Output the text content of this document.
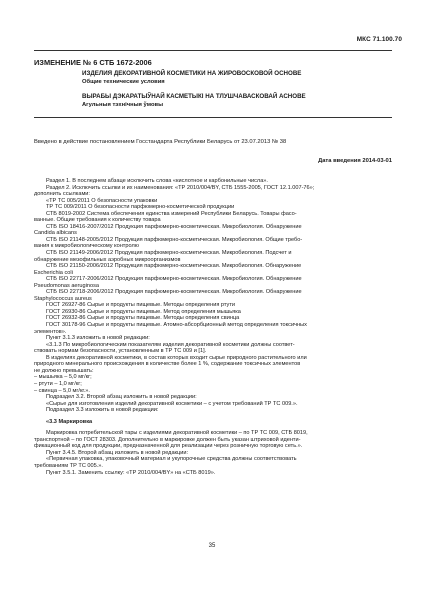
МКС 71.100.70
ИЗМЕНЕНИЕ № 6 СТБ 1672-2006
ИЗДЕЛИЯ ДЕКОРАТИВНОЙ КОСМЕТИКИ НА ЖИРОВОСКОВОЙ ОСНОВЕ
Общие технические условия
ВЫРАБЫ ДЭКАРАТЫЎНАЙ КАСМЕТЫКІ НА ТЛУШЧАВАСКОВАЙ АСНОВЕ
Агульныя тэхнічныя ўмовы
Введено в действие постановлением Госстандарта Республики Беларусь от 23.07.2013 № 38
Дата введения 2014-03-01

Раздел 1. В последнем абзаце исключить слова «кислотное и карбонильные числа».

Раздел 2. Исключить ссылки и их наименования: «ТР 2010/004/BY, СТБ 1555-2005, ГОСТ 12.1.007-76»;

дополнить ссылками:

«ТР ТС 005/2011 О безопасности упаковки

ТР ТС 009/2011 О безопасности парфюмерно-косметической продукции

СТБ 8019-2002 Система обеспечения единства измерений Республики Беларусь. Товары фасо-

ванные. Общие требования к количеству товара

СТБ ISO 18416-2007/2012 Продукция парфюмерно-косметическая. Микробиология. Обнаружение

Candida albicans

СТБ ISO 21148-2005/2012 Продукция парфюмерно-косметическая. Микробиология. Общие требо-

вания к микробиологическому контролю

СТБ ISO 21149-2006/2012 Продукция парфюмерно-косметическая. Микробиология. Подсчет и

обнаружение мезофильных аэробных микроорганизмов

СТБ ISO 21150-2006/2012 Продукция парфюмерно-косметическая. Микробиология. Обнаружение

Escherichia coli

СТБ ISO 22717-2006/2012 Продукция парфюмерно-косметическая. Микробиология. Обнаружение

Pseudomonas aeruginosa

СТБ ISO 22718-2006/2012 Продукция парфюмерно-косметическая. Микробиология. Обнаружение

Staphylococcus aureus

ГОСТ 26927-86 Сырье и продукты пищевые. Методы определения ртути

ГОСТ 26930-86 Сырье и продукты пищевые. Метод определения мышьяка

ГОСТ 26932-86 Сырье и продукты пищевые. Методы определения свинца

ГОСТ 30178-96 Сырье и продукты пищевые. Атомно-абсорбционный метод определения токсичных

элементов».

Пункт 3.1.3 изложить в новой редакции:

«3.1.3 По микробиологическим показателям изделия декоративной косметики должны соответ-

ствовать нормам безопасности, установленным в ТР ТС 009 и [1].

В изделиях декоративной косметики, в состав которых входит сырье природного растительного или

природного минерального происхождения в количестве более 1 %, содержание токсичных элементов

не должно превышать:

– мышьяка – 5,0 мг/кг;

– ртути – 1,0 мг/кг;

– свинца – 5,0 мг/кг.».

Подраздел 3.2. Второй абзац изложить в новой редакции:

«Сырье для изготовления изделий декоративной косметики – с учетом требований ТР ТС 009.».

Подраздел 3.3 изложить в новой редакции:

«3.3 Маркировка

Маркировка потребительской тары с изделиями декоративной косметики – по ТР ТС 009, СТБ 8019,

транспортной – по ГОСТ 28303. Дополнительно в маркировке должен быть указан штриховой иденти-

фикационный код для продукции, предназначенной для реализации через розничную торговую сеть.».

Пункт 3.4.5. Второй абзац изложить в новой редакции:

«Первичная упаковка, упаковочный материал и укупорочные средства должны соответствовать

требованиям ТР ТС 005.».

Пункт 3.5.1. Заменить ссылку: «ТР 2010/004/BY» на «СТБ 8019».

35
